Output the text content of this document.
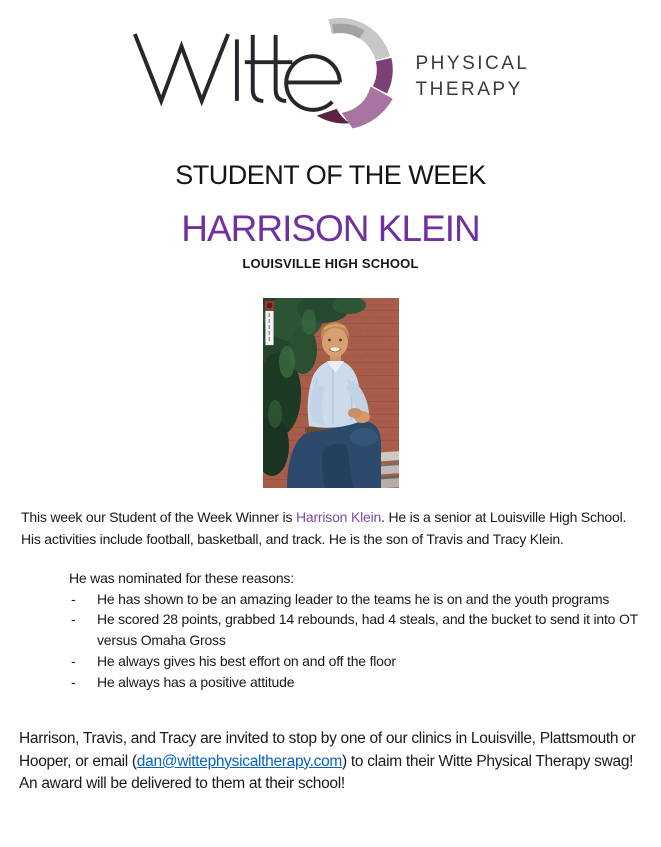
PHYSICAL
THERAPY
STUDENT OF THE WEEK
HARRISON KLEIN
LOUISVILLE HIGH SCHOOL

This week our Student of the Week Winner is Harrison Klein. He is a senior at Louisville High School. His activities include football, basketball, and track. He is the son of Travis and Tracy Klein.

He was nominated for these reasons:
-	He has shown to be an amazing leader to the teams he is on and the youth programs
-	He scored 28 points, grabbed 14 rebounds, had 4 steals, and the bucket to send it into OT versus Omaha Gross
-	He always gives his best effort on and off the floor
-	He always has a positive attitude

Harrison, Travis, and Tracy are invited to stop by one of our clinics in Louisville, Plattsmouth or Hooper, or email (dan@wittephysicaltherapy.com) to claim their Witte Physical Therapy swag! An award will be delivered to them at their school!
